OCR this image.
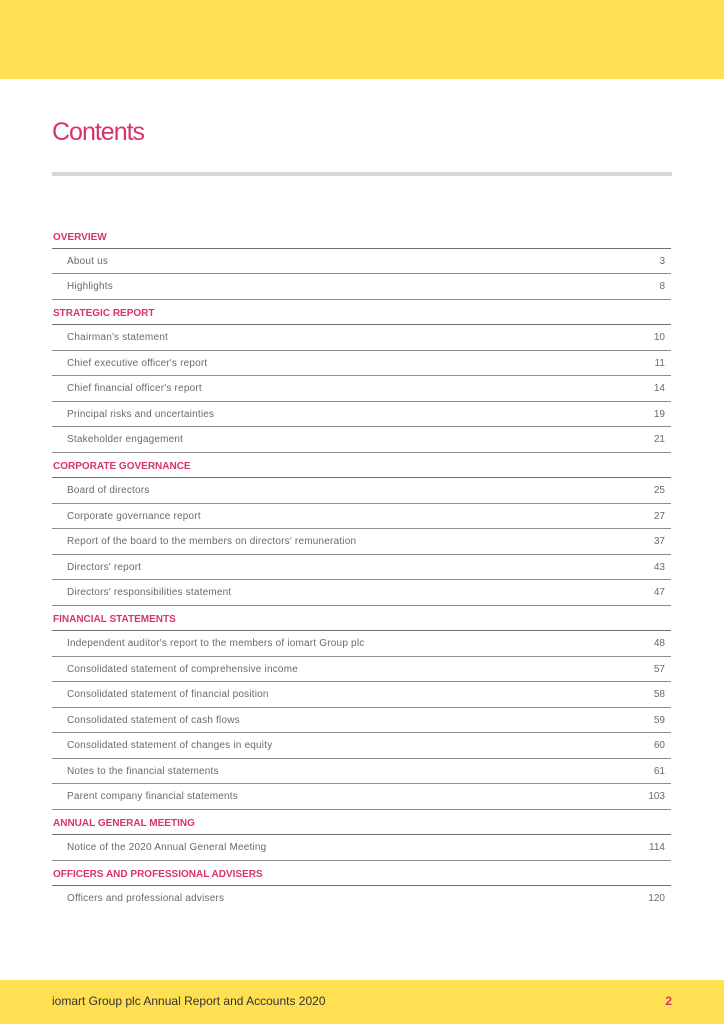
Contents
OVERVIEW
About us	3
Highlights	8
STRATEGIC REPORT
Chairman's statement	10
Chief executive officer's report	11
Chief financial officer's report	14
Principal risks and uncertainties	19
Stakeholder engagement	21
CORPORATE GOVERNANCE
Board of directors	25
Corporate governance report	27
Report of the board to the members on directors' remuneration	37
Directors' report	43
Directors' responsibilities statement	47
FINANCIAL STATEMENTS
Independent auditor's report to the members of iomart Group plc	48
Consolidated statement of comprehensive income	57
Consolidated statement of financial position	58
Consolidated statement of cash flows	59
Consolidated statement of changes in equity	60
Notes to the financial statements	61
Parent company financial statements	103
ANNUAL GENERAL MEETING
Notice of the 2020 Annual General Meeting	114
OFFICERS AND PROFESSIONAL ADVISERS
Officers and professional advisers	120
iomart Group plc Annual Report and Accounts 2020	2
